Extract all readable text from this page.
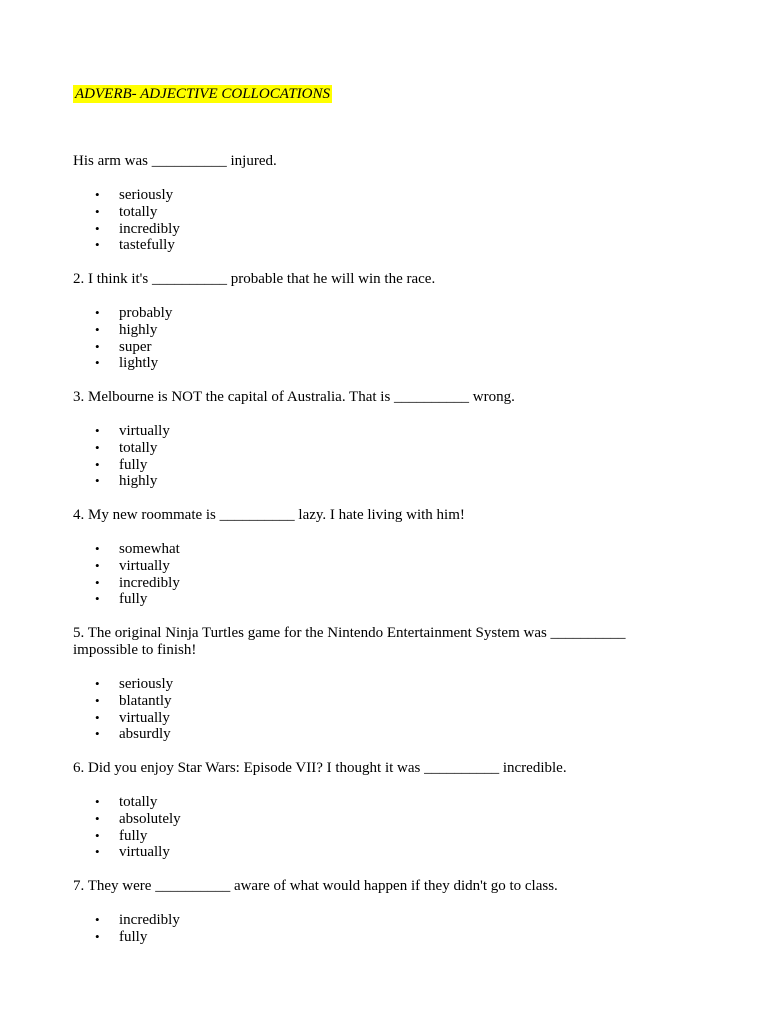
ADVERB- ADJECTIVE COLLOCATIONS

His arm was __________ injured.

• seriously
• totally
• incredibly
• tastefully

2. I think it's __________ probable that he will win the race.

• probably
• highly
• super
• lightly

3. Melbourne is NOT the capital of Australia. That is __________ wrong.

• virtually
• totally
• fully
• highly

4. My new roommate is __________ lazy. I hate living with him!

• somewhat
• virtually
• incredibly
• fully

5. The original Ninja Turtles game for the Nintendo Entertainment System was __________

impossible to finish!

• seriously
• blatantly
• virtually
• absurdly

6. Did you enjoy Star Wars: Episode VII? I thought it was __________ incredible.

• totally
• absolutely
• fully
• virtually

7. They were __________ aware of what would happen if they didn't go to class.

• incredibly
• fully
